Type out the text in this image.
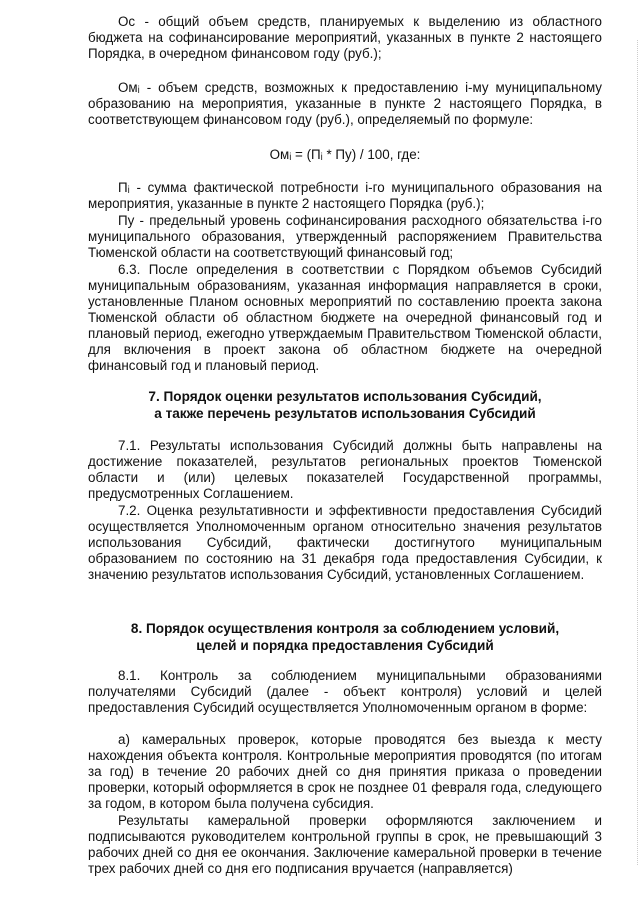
Ос - общий объем средств, планируемых к выделению из областного бюджета на софинансирование мероприятий, указанных в пункте 2 настоящего Порядка, в очередном финансовом году (руб.);

Омᵢ - объем средств, возможных к предоставлению i-му муниципальному образованию на мероприятия, указанные в пункте 2 настоящего Порядка, в соответствующем финансовом году (руб.), определяемый по формуле:

Омᵢ = (Пᵢ * Пу) / 100, где:

Пᵢ - сумма фактической потребности i-го муниципального образования на мероприятия, указанные в пункте 2 настоящего Порядка (руб.);

Пу - предельный уровень софинансирования расходного обязательства i-го муниципального образования, утвержденный распоряжением Правительства Тюменской области на соответствующий финансовый год;

6.3. После определения в соответствии с Порядком объемов Субсидий муниципальным образованиям, указанная информация направляется в сроки, установленные Планом основных мероприятий по составлению проекта закона Тюменской области об областном бюджете на очередной финансовый год и плановый период, ежегодно утверждаемым Правительством Тюменской области, для включения в проект закона об областном бюджете на очередной финансовый год и плановый период.

7. Порядок оценки результатов использования Субсидий,
а также перечень результатов использования Субсидий

7.1. Результаты использования Субсидий должны быть направлены на достижение показателей, результатов региональных проектов Тюменской области и (или) целевых показателей Государственной программы, предусмотренных Соглашением.

7.2. Оценка результативности и эффективности предоставления Субсидий осуществляется Уполномоченным органом относительно значения результатов использования Субсидий, фактически достигнутого муниципальным образованием по состоянию на 31 декабря года предоставления Субсидии, к значению результатов использования Субсидий, установленных Соглашением.

8. Порядок осуществления контроля за соблюдением условий,
целей и порядка предоставления Субсидий

8.1. Контроль за соблюдением муниципальными образованиями получателями Субсидий (далее - объект контроля) условий и целей предоставления Субсидий осуществляется Уполномоченным органом в форме:

а) камеральных проверок, которые проводятся без выезда к месту нахождения объекта контроля. Контрольные мероприятия проводятся (по итогам за год) в течение 20 рабочих дней со дня принятия приказа о проведении проверки, который оформляется в срок не позднее 01 февраля года, следующего за годом, в котором была получена субсидия.

Результаты камеральной проверки оформляются заключением и подписываются руководителем контрольной группы в срок, не превышающий 3 рабочих дней со дня ее окончания. Заключение камеральной проверки в течение трех рабочих дней со дня его подписания вручается (направляется)
